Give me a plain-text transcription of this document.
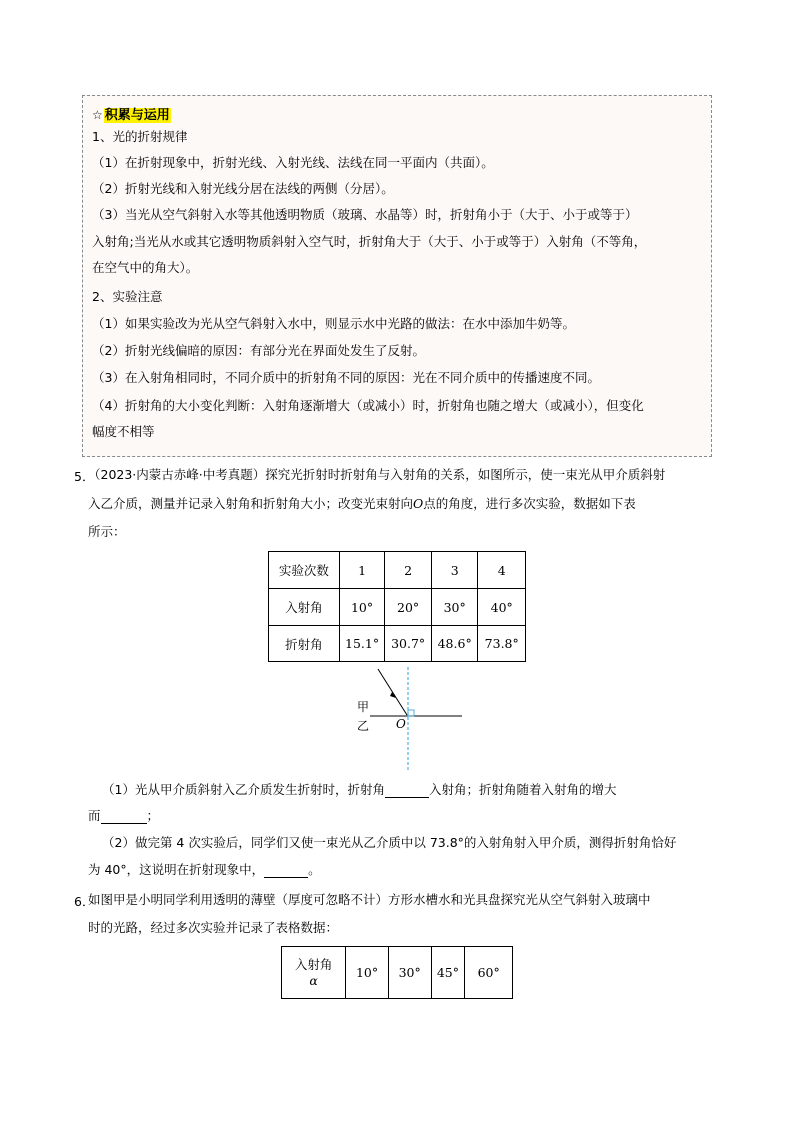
☆ 积累与运用
1、光的折射规律
（1）在折射现象中，折射光线、入射光线、法线在同一平面内（共面）。
（2）折射光线和入射光线分居在法线的两侧（分居）。
（3）当光从空气斜射入水等其他透明物质（玻璃、水晶等）时，折射角小于（大于、小于或等于）
入射角;当光从水或其它透明物质斜射入空气时，折射角大于（大于、小于或等于）入射角（不等角，
在空气中的角大）。
2、实验注意
（1）如果实验改为光从空气斜射入水中，则显示水中光路的做法：在水中添加牛奶等。
（2）折射光线偏暗的原因：有部分光在界面处发生了反射。
（3）在入射角相同时，不同介质中的折射角不同的原因：光在不同介质中的传播速度不同。
（4）折射角的大小变化判断：入射角逐渐增大（或减小）时，折射角也随之增大（或减小），但变化
幅度不相等
5．
（2023·内蒙古赤峰·中考真题）探究光折射时折射角与入射角的关系，如图所示，使一束光从甲介质斜射
入乙介质，测量并记录入射角和折射角大小；改变光束射向O点的角度，进行多次实验，数据如下表
所示：
实验次数	1	2	3	4
入射角	10°	20°	30°	40°
折射角	15.1°	30.7°	48.6°	73.8°
甲
乙 O
（1）光从甲介质斜射入乙介质发生折射时，折射角	入射角；折射角随着入射角的增大
而	；
（2）做完第 4 次实验后，同学们又使一束光从乙介质中以 73.8°的入射角射入甲介质，测得折射角恰好
为 40°，这说明在折射现象中，	。
6．
如图甲是小明同学利用透明的薄壁（厚度可忽略不计）方形水槽水和光具盘探究光从空气斜射入玻璃中
时的光路，经过多次实验并记录了表格数据：
入射角
α	10°	30°	45°	60°
